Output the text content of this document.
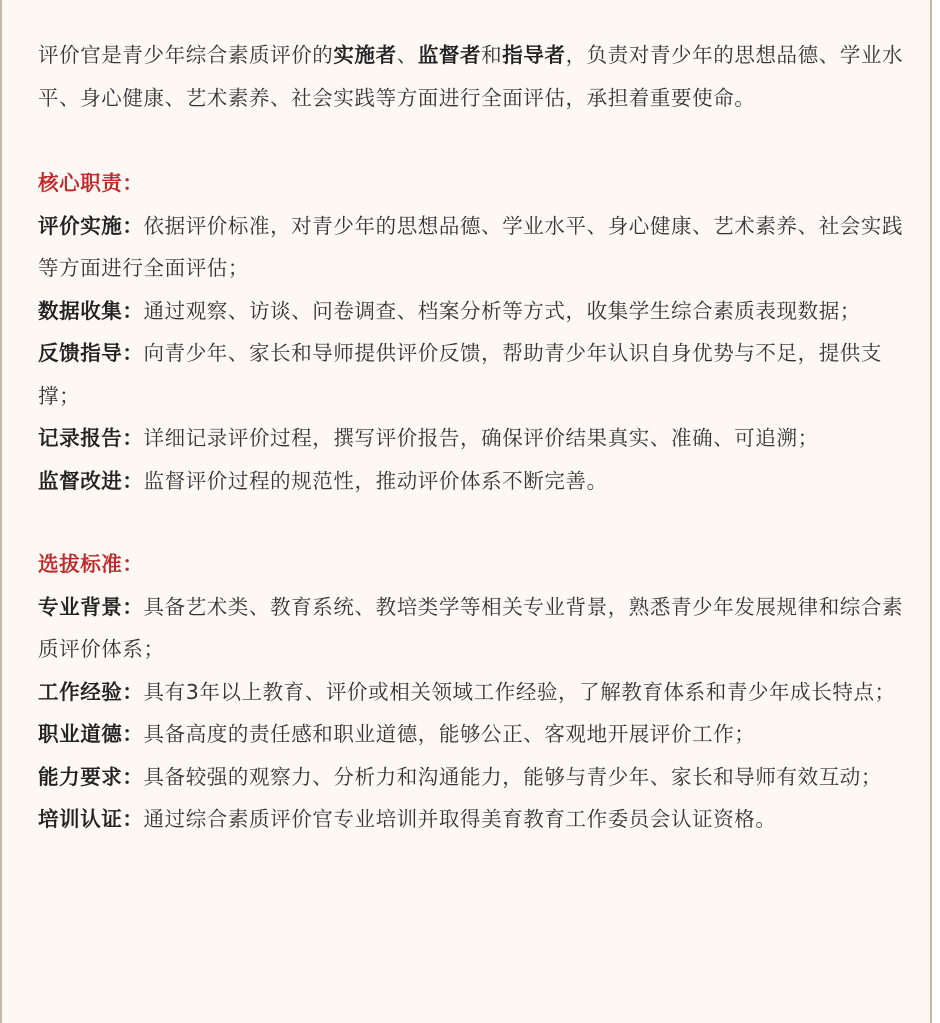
评价官是青少年综合素质评价的实施者、监督者和指导者，负责对青少年的思想品德、学业水平、身心健康、艺术素养、社会实践等方面进行全面评估，承担着重要使命。

核心职责：

评价实施：依据评价标准，对青少年的思想品德、学业水平、身心健康、艺术素养、社会实践等方面进行全面评估；

数据收集：通过观察、访谈、问卷调查、档案分析等方式，收集学生综合素质表现数据；

反馈指导：向青少年、家长和导师提供评价反馈，帮助青少年认识自身优势与不足，提供支撑；

记录报告：详细记录评价过程，撰写评价报告，确保评价结果真实、准确、可追溯；

监督改进：监督评价过程的规范性，推动评价体系不断完善。

选拔标准：

专业背景：具备艺术类、教育系统、教培类学等相关专业背景，熟悉青少年发展规律和综合素质评价体系；

工作经验：具有3年以上教育、评价或相关领域工作经验，了解教育体系和青少年成长特点；

职业道德：具备高度的责任感和职业道德，能够公正、客观地开展评价工作；

能力要求：具备较强的观察力、分析力和沟通能力，能够与青少年、家长和导师有效互动；

培训认证：通过综合素质评价官专业培训并取得美育教育工作委员会认证资格。
